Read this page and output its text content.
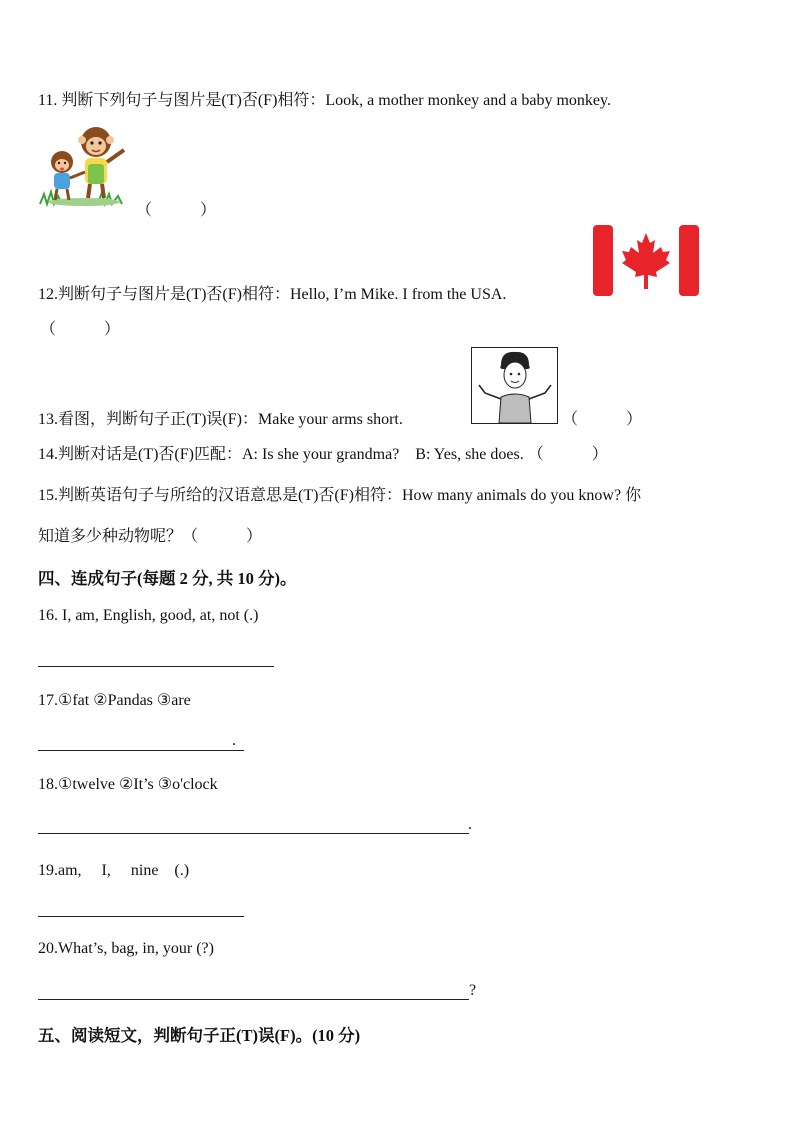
11. 判断下列句子与图片是(T)否(F)相符：Look, a mother monkey and a baby monkey.
（　　　）
12.判断句子与图片是(T)否(F)相符：Hello, I’m Mike. I from the USA.
（　　　）
13.看图，判断句子正(T)误(F)：Make your arms short.	（　　　）
14.判断对话是(T)否(F)匹配：A: Is she your grandma?　B: Yes, she does. （　　　）
15.判断英语句子与所给的汉语意思是(T)否(F)相符：How many animals do you know? 你
知道多少种动物呢？（　　　）
四、连成句子(每题 2 分, 共 10 分)。
16. I, am, English, good, at, not (.)
17.①fat ②Pandas ③are
.
18.①twelve ②It’s ③o'clock
.
19.am,　 I,　 nine　(.)
20.What’s, bag, in, your (?)
?
五、阅读短文，判断句子正(T)误(F)。(10 分)
